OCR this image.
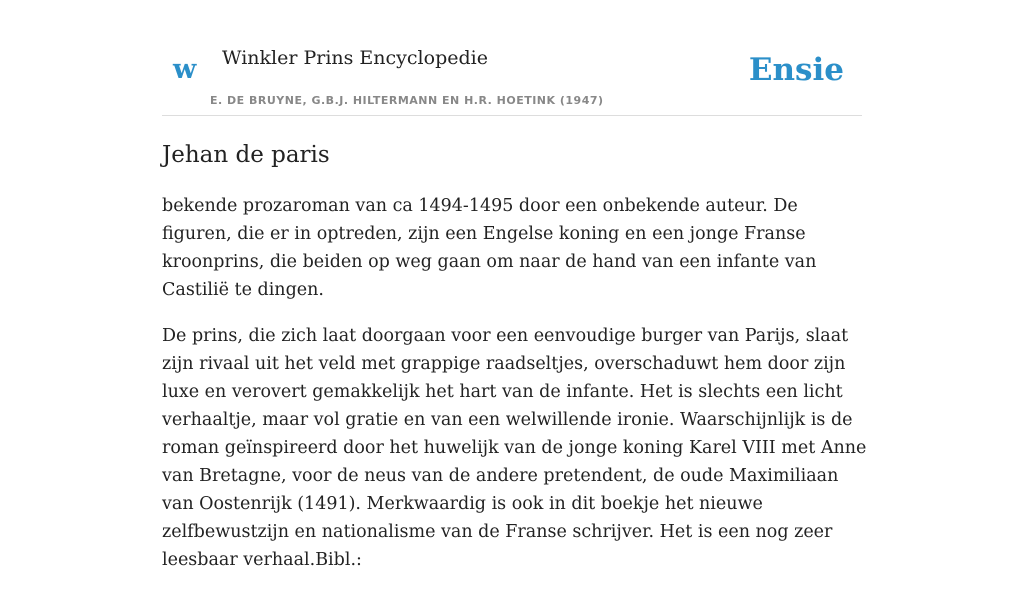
w Winkler Prins Encyclopedie
E. DE BRUYNE, G.B.J. HILTERMANN EN H.R. HOETINK (1947)
Ensie
Jehan de paris

bekende prozaroman van ca 1494-1495 door een onbekende auteur. De figuren, die er in optreden, zijn een Engelse koning en een jonge Franse kroonprins, die beiden op weg gaan om naar de hand van een infante van Castilië te dingen.

De prins, die zich laat doorgaan voor een eenvoudige burger van Parijs, slaat zijn rivaal uit het veld met grappige raadseltjes, overschaduwt hem door zijn luxe en verovert gemakkelijk het hart van de infante. Het is slechts een licht verhaaltje, maar vol gratie en van een welwillende ironie. Waarschijnlijk is de roman geïnspireerd door het huwelijk van de jonge koning Karel VIII met Anne van Bretagne, voor de neus van de andere pretendent, de oude Maximiliaan van Oostenrijk (1491). Merkwaardig is ook in dit boekje het nieuwe zelfbewustzijn en nationalisme van de Franse schrijver. Het is een nog zeer leesbaar verhaal.Bibl.:
